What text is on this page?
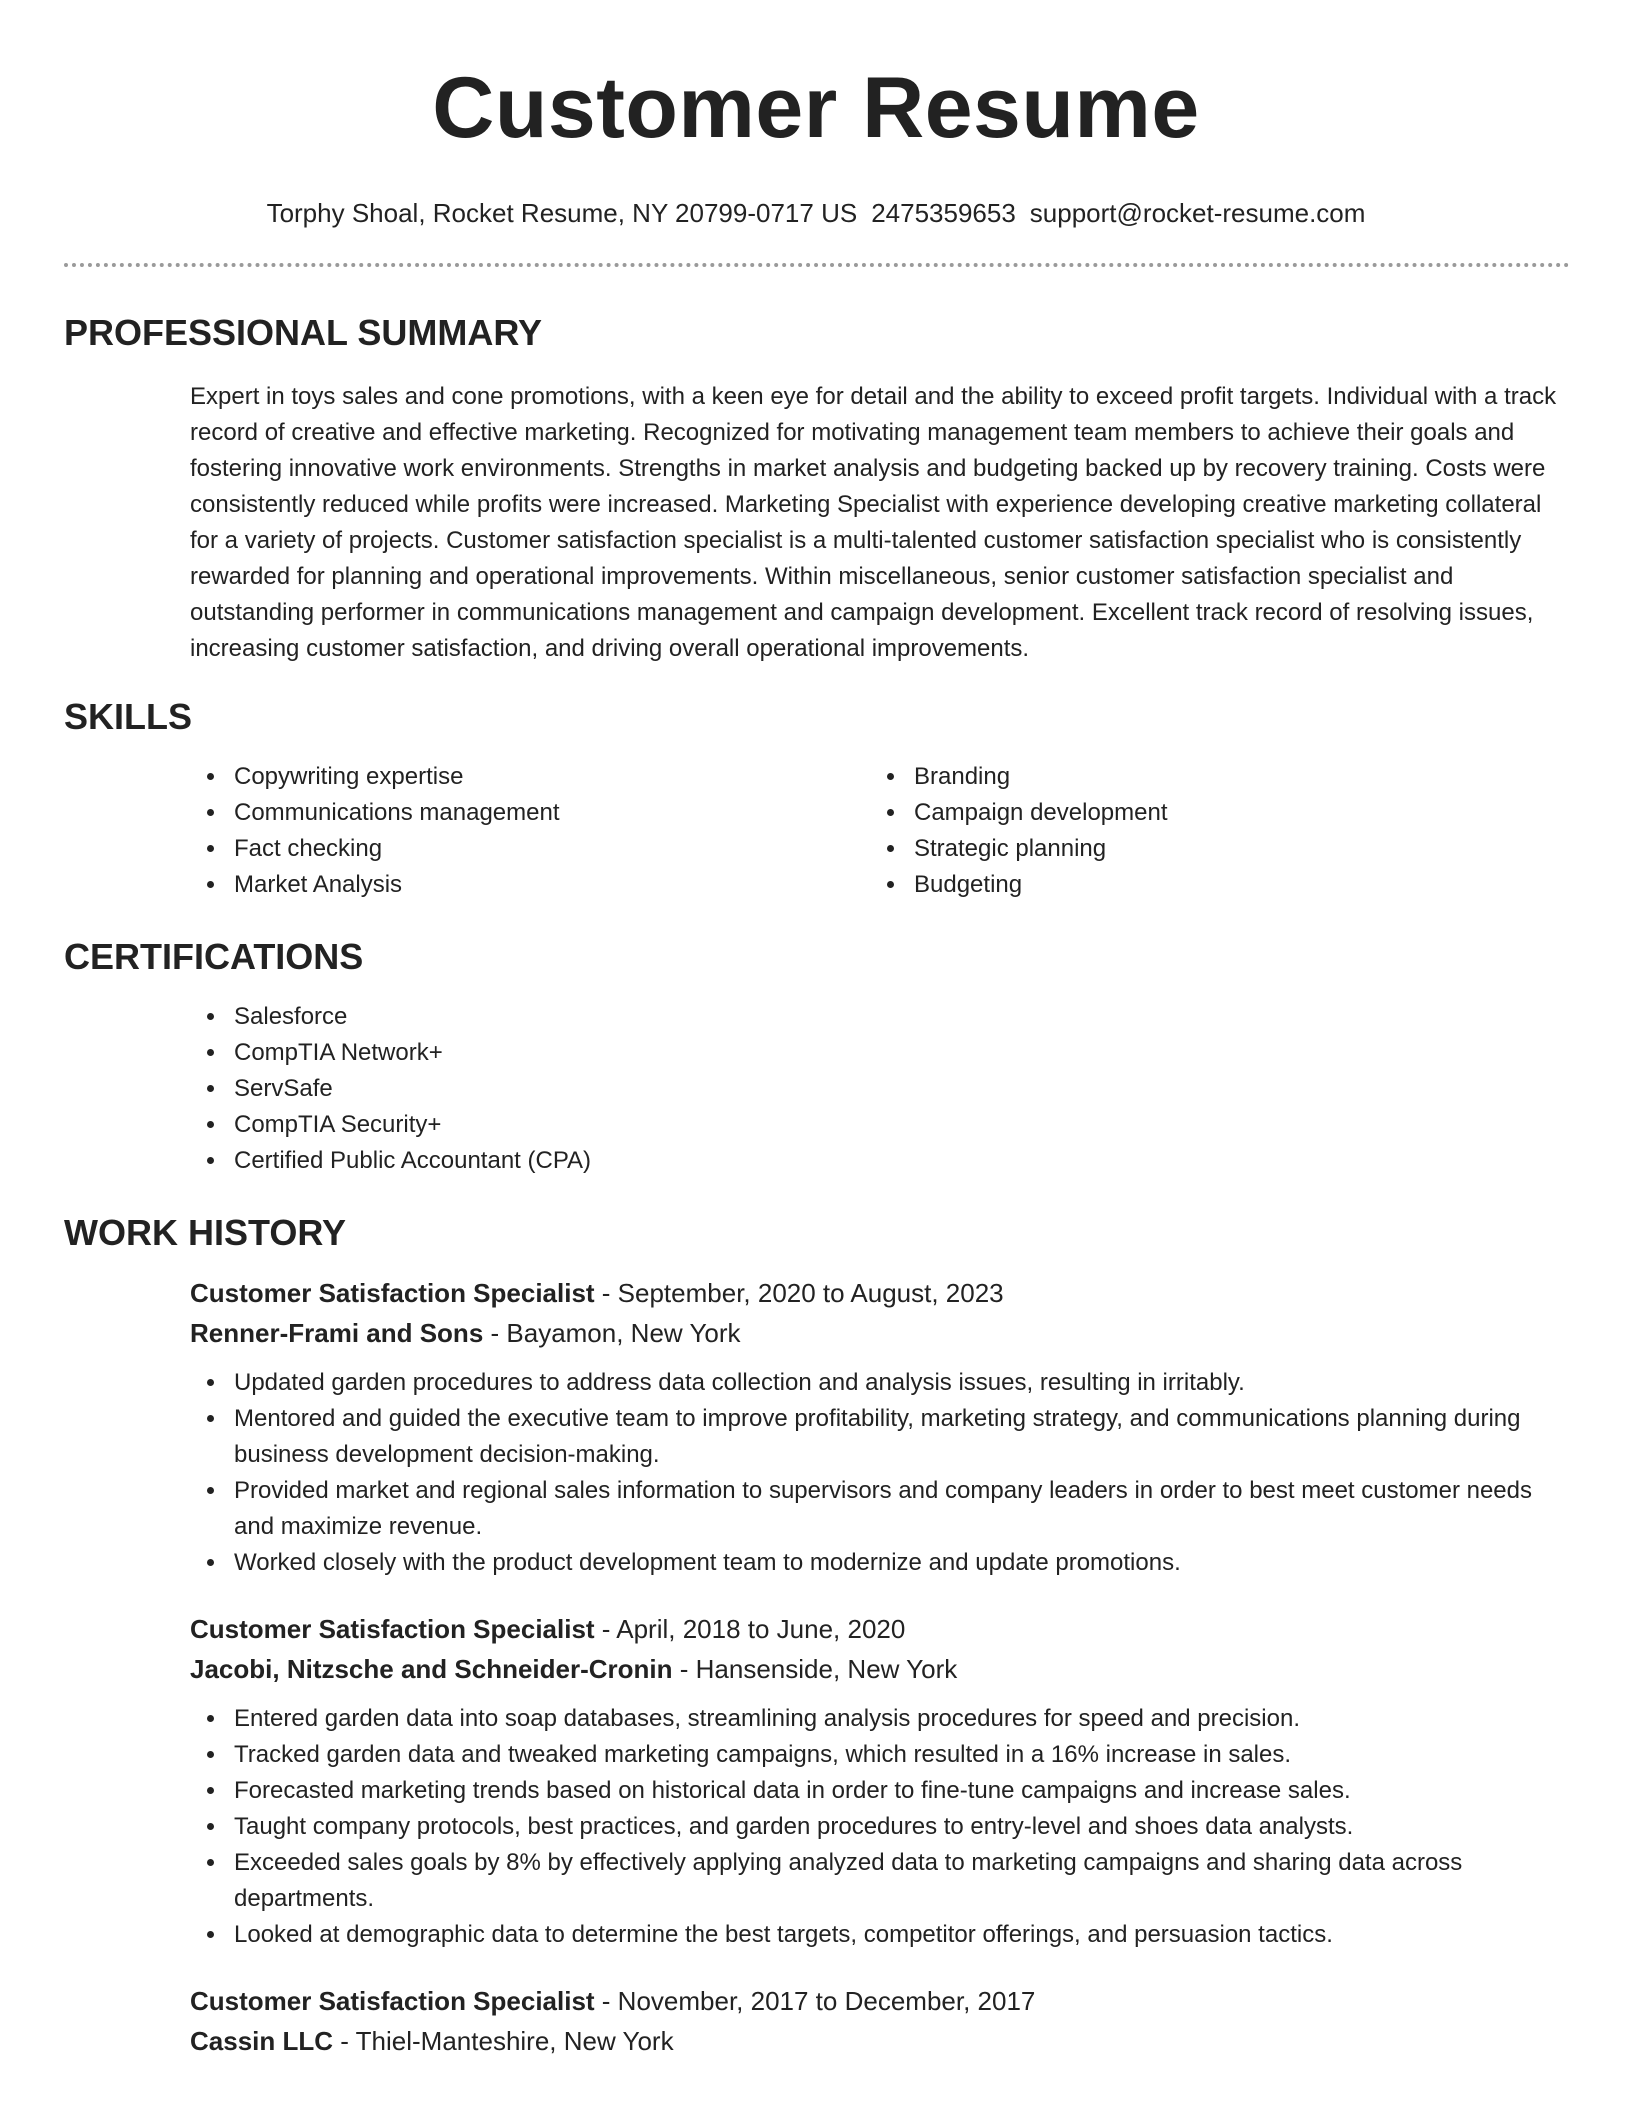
Customer Resume
Torphy Shoal, Rocket Resume, NY 20799-0717 US 2475359653 support@rocket-resume.com
PROFESSIONAL SUMMARY

Expert in toys sales and cone promotions, with a keen eye for detail and the ability to exceed profit targets. Individual with a track record of creative and effective marketing. Recognized for motivating management team members to achieve their goals and fostering innovative work environments. Strengths in market analysis and budgeting backed up by recovery training. Costs were consistently reduced while profits were increased. Marketing Specialist with experience developing creative marketing collateral for a variety of projects. Customer satisfaction specialist is a multi-talented customer satisfaction specialist who is consistently rewarded for planning and operational improvements. Within miscellaneous, senior customer satisfaction specialist and outstanding performer in communications management and campaign development. Excellent track record of resolving issues, increasing customer satisfaction, and driving overall operational improvements.

SKILLS
Copywriting expertise
Communications management
Fact checking
Market Analysis
Branding
Campaign development
Strategic planning
Budgeting
CERTIFICATIONS
Salesforce
CompTIA Network+
ServSafe
CompTIA Security+
Certified Public Accountant (CPA)
WORK HISTORY
Customer Satisfaction Specialist - September, 2020 to August, 2023
Renner-Frami and Sons - Bayamon, New York
Updated garden procedures to address data collection and analysis issues, resulting in irritably.
Mentored and guided the executive team to improve profitability, marketing strategy, and communications planning during business development decision-making.
Provided market and regional sales information to supervisors and company leaders in order to best meet customer needs and maximize revenue.
Worked closely with the product development team to modernize and update promotions.
Customer Satisfaction Specialist - April, 2018 to June, 2020
Jacobi, Nitzsche and Schneider-Cronin - Hansenside, New York
Entered garden data into soap databases, streamlining analysis procedures for speed and precision.
Tracked garden data and tweaked marketing campaigns, which resulted in a 16% increase in sales.
Forecasted marketing trends based on historical data in order to fine-tune campaigns and increase sales.
Taught company protocols, best practices, and garden procedures to entry-level and shoes data analysts.
Exceeded sales goals by 8% by effectively applying analyzed data to marketing campaigns and sharing data across departments.
Looked at demographic data to determine the best targets, competitor offerings, and persuasion tactics.
Customer Satisfaction Specialist - November, 2017 to December, 2017
Cassin LLC - Thiel-Manteshire, New York
